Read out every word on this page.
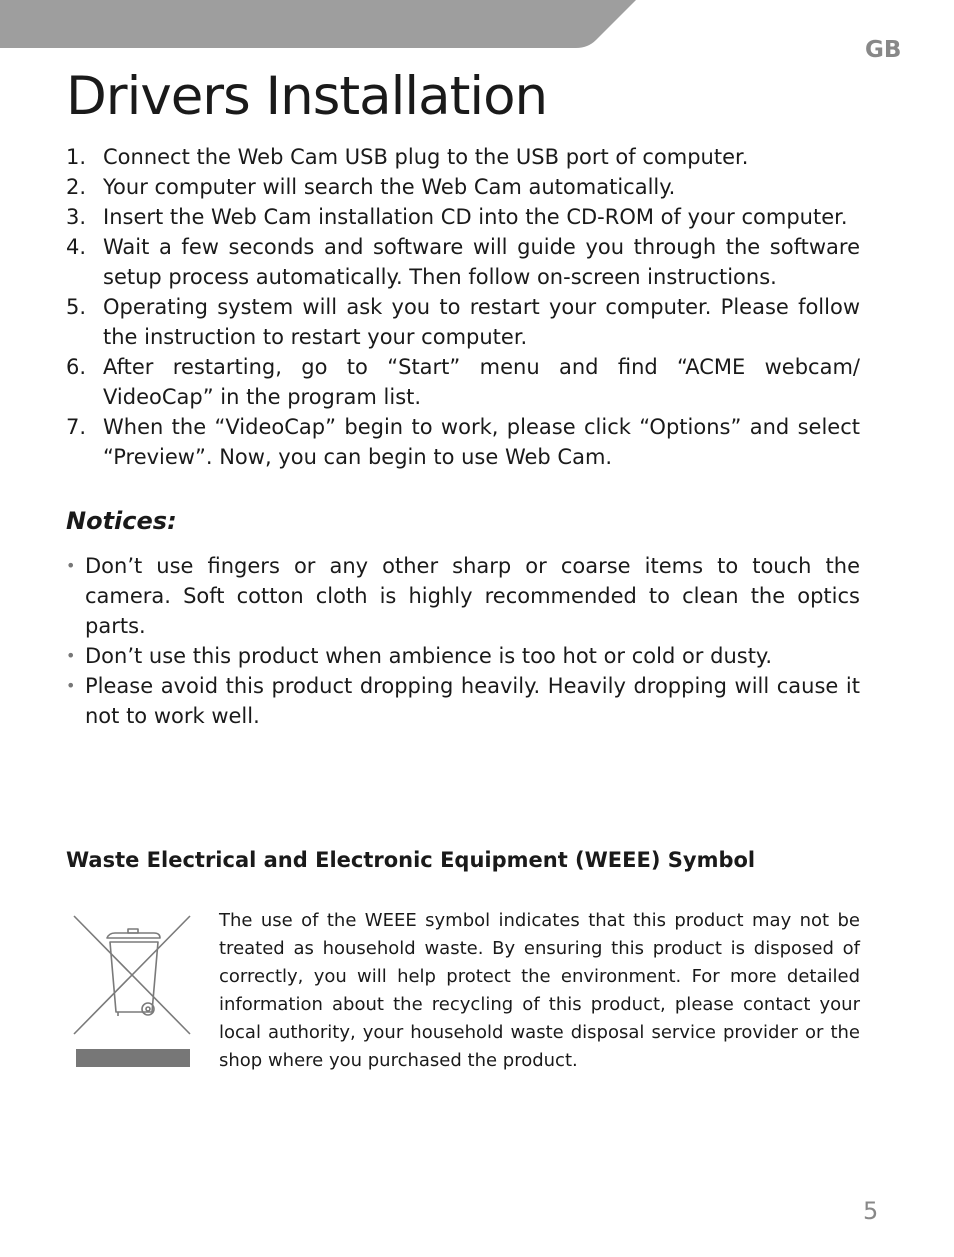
GB
Drivers Installation
1. Connect the Web Cam USB plug to the USB port of computer.
2. Your computer will search the Web Cam automatically.
3. Insert the Web Cam installation CD into the CD-ROM of your computer.
4. Wait a few seconds and software will guide you through the software setup process automatically. Then follow on-screen instructions.
5. Operating system will ask you to restart your computer. Please follow the instruction to restart your computer.
6. After restarting, go to “Start” menu and find “ACME webcam/ VideoCap” in the program list.
7. When the “VideoCap” begin to work, please click “Options” and select “Preview”. Now, you can begin to use Web Cam.
Notices:
• Don’t use fingers or any other sharp or coarse items to touch the camera. Soft cotton cloth is highly recommended to clean the optics parts.
• Don’t use this product when ambience is too hot or cold or dusty.
• Please avoid this product dropping heavily. Heavily dropping will cause it not to work well.
Waste Electrical and Electronic Equipment (WEEE) Symbol

The use of the WEEE symbol indicates that this product may not be treated as household waste. By ensuring this product is disposed of correctly, you will help protect the environment. For more detailed information about the recycling of this product, please contact your local authority, your household waste disposal service provider or the shop where you purchased the product.

5
